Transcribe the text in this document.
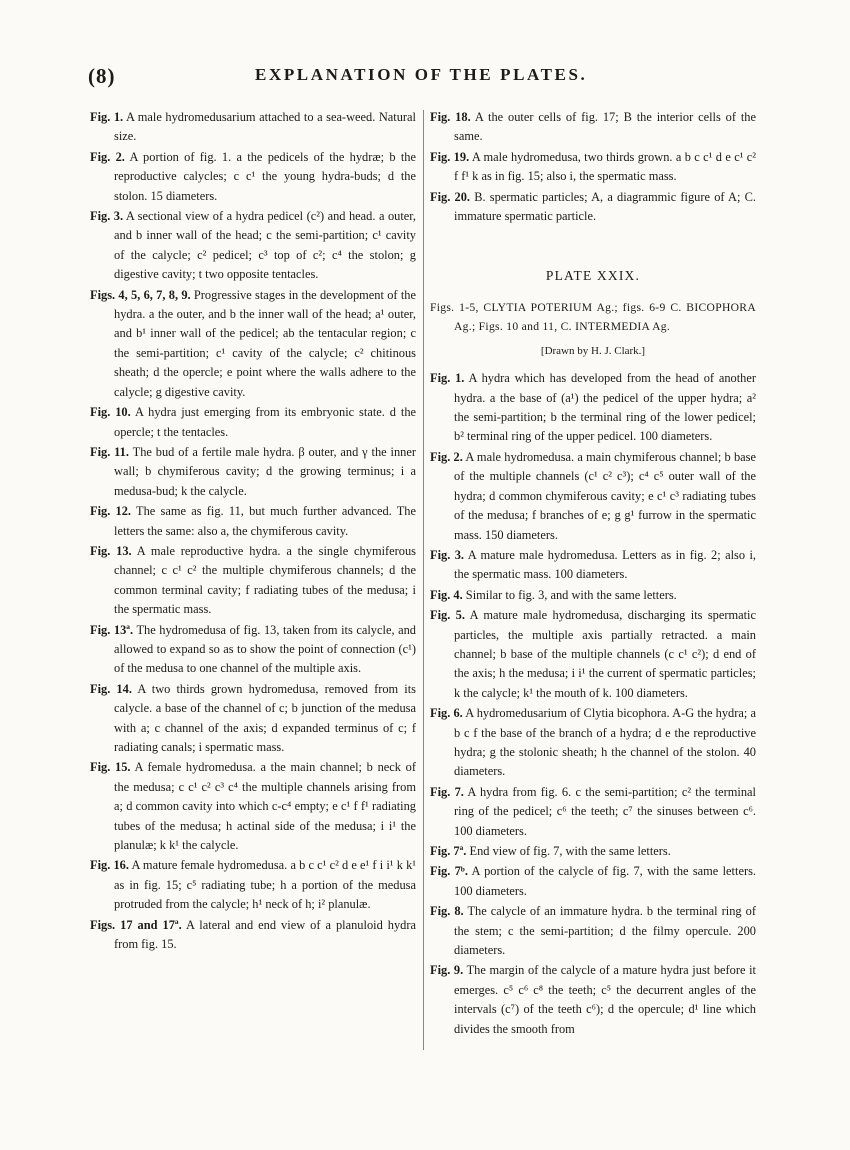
(8)	EXPLANATION OF THE PLATES.
Fig. 1. A male hydromedusarium attached to a sea-weed. Natural size.
Fig. 2. A portion of fig. 1. a the pedicels of the hydræ; b the reproductive calycles; c c¹ the young hydra-buds; d the stolon. 15 diameters.
Fig. 3. A sectional view of a hydra pedicel (c²) and head. a outer, and b inner wall of the head; c the semi-partition; c¹ cavity of the calycle; c² pedicel; c³ top of c²; c⁴ the stolon; g digestive cavity; t two opposite tentacles.
Figs. 4, 5, 6, 7, 8, 9. Progressive stages in the development of the hydra. a the outer, and b the inner wall of the head; a¹ outer, and b¹ inner wall of the pedicel; ab the tentacular region; c the semi-partition; c¹ cavity of the calycle; c² chitinous sheath; d the opercle; e point where the walls adhere to the calycle; g digestive cavity.
Fig. 10. A hydra just emerging from its embryonic state. d the opercle; t the tentacles.
Fig. 11. The bud of a fertile male hydra. β outer, and γ the inner wall; b chymiferous cavity; d the growing terminus; i a medusa-bud; k the calycle.
Fig. 12. The same as fig. 11, but much further advanced. The letters the same: also a, the chymiferous cavity.
Fig. 13. A male reproductive hydra. a the single chymiferous channel; c c¹ c² the multiple chymiferous channels; d the common terminal cavity; f radiating tubes of the medusa; i the spermatic mass.
Fig. 13ª. The hydromedusa of fig. 13, taken from its calycle, and allowed to expand so as to show the point of connection (c¹) of the medusa to one channel of the multiple axis.
Fig. 14. A two thirds grown hydromedusa, removed from its calycle. a base of the channel of c; b junction of the medusa with a; c channel of the axis; d expanded terminus of c; f radiating canals; i spermatic mass.
Fig. 15. A female hydromedusa. a the main channel; b neck of the medusa; c c¹ c² c³ c⁴ the multiple channels arising from a; d common cavity into which c-c⁴ empty; e c¹ f f¹ radiating tubes of the medusa; h actinal side of the medusa; i i¹ the planulæ; k k¹ the calycle.
Fig. 16. A mature female hydromedusa. a b c c¹ c² d e e¹ f i i¹ k k¹ as in fig. 15; c⁵ radiating tube; h a portion of the medusa protruded from the calycle; h¹ neck of h; i² planulæ.
Figs. 17 and 17ª. A lateral and end view of a planuloid hydra from fig. 15.
Fig. 18. A the outer cells of fig. 17; B the interior cells of the same.
Fig. 19. A male hydromedusa, two thirds grown. a b c c¹ d e c¹ c² f f¹ k as in fig. 15; also i, the spermatic mass.
Fig. 20. B. spermatic particles; A, a diagrammic figure of A; C. immature spermatic particle.
PLATE XXIX.
Figs. 1-5, CLYTIA POTERIUM Ag.; figs. 6-9 C. BICOPHORA Ag.; Figs. 10 and 11, C. INTERMEDIA Ag.
[Drawn by H. J. Clark.]
Fig. 1. A hydra which has developed from the head of another hydra. a the base of (a¹) the pedicel of the upper hydra; a² the semi-partition; b the terminal ring of the lower pedicel; b² terminal ring of the upper pedicel. 100 diameters.
Fig. 2. A male hydromedusa. a main chymiferous channel; b base of the multiple channels (c¹ c² c³); c⁴ c⁵ outer wall of the hydra; d common chymiferous cavity; e c¹ c³ radiating tubes of the medusa; f branches of e; g g¹ furrow in the spermatic mass. 150 diameters.
Fig. 3. A mature male hydromedusa. Letters as in fig. 2; also i, the spermatic mass. 100 diameters.
Fig. 4. Similar to fig. 3, and with the same letters.
Fig. 5. A mature male hydromedusa, discharging its spermatic particles, the multiple axis partially retracted. a main channel; b base of the multiple channels (c c¹ c²); d end of the axis; h the medusa; i i¹ the current of spermatic particles; k the calycle; k¹ the mouth of k. 100 diameters.
Fig. 6. A hydromedusarium of Clytia bicophora. A-G the hydra; a b c f the base of the branch of a hydra; d e the reproductive hydra; g the stolonic sheath; h the channel of the stolon. 40 diameters.
Fig. 7. A hydra from fig. 6. c the semi-partition; c² the terminal ring of the pedicel; c⁶ the teeth; c⁷ the sinuses between c⁶. 100 diameters.
Fig. 7ª. End view of fig. 7, with the same letters.
Fig. 7ᵇ. A portion of the calycle of fig. 7, with the same letters. 100 diameters.
Fig. 8. The calycle of an immature hydra. b the terminal ring of the stem; c the semi-partition; d the filmy opercule. 200 diameters.
Fig. 9. The margin of the calycle of a mature hydra just before it emerges. c⁵ c⁶ c⁸ the teeth; c⁵ the decurrent angles of the intervals (c⁷) of the teeth c⁶); d the opercule; d¹ line which divides the smooth from
